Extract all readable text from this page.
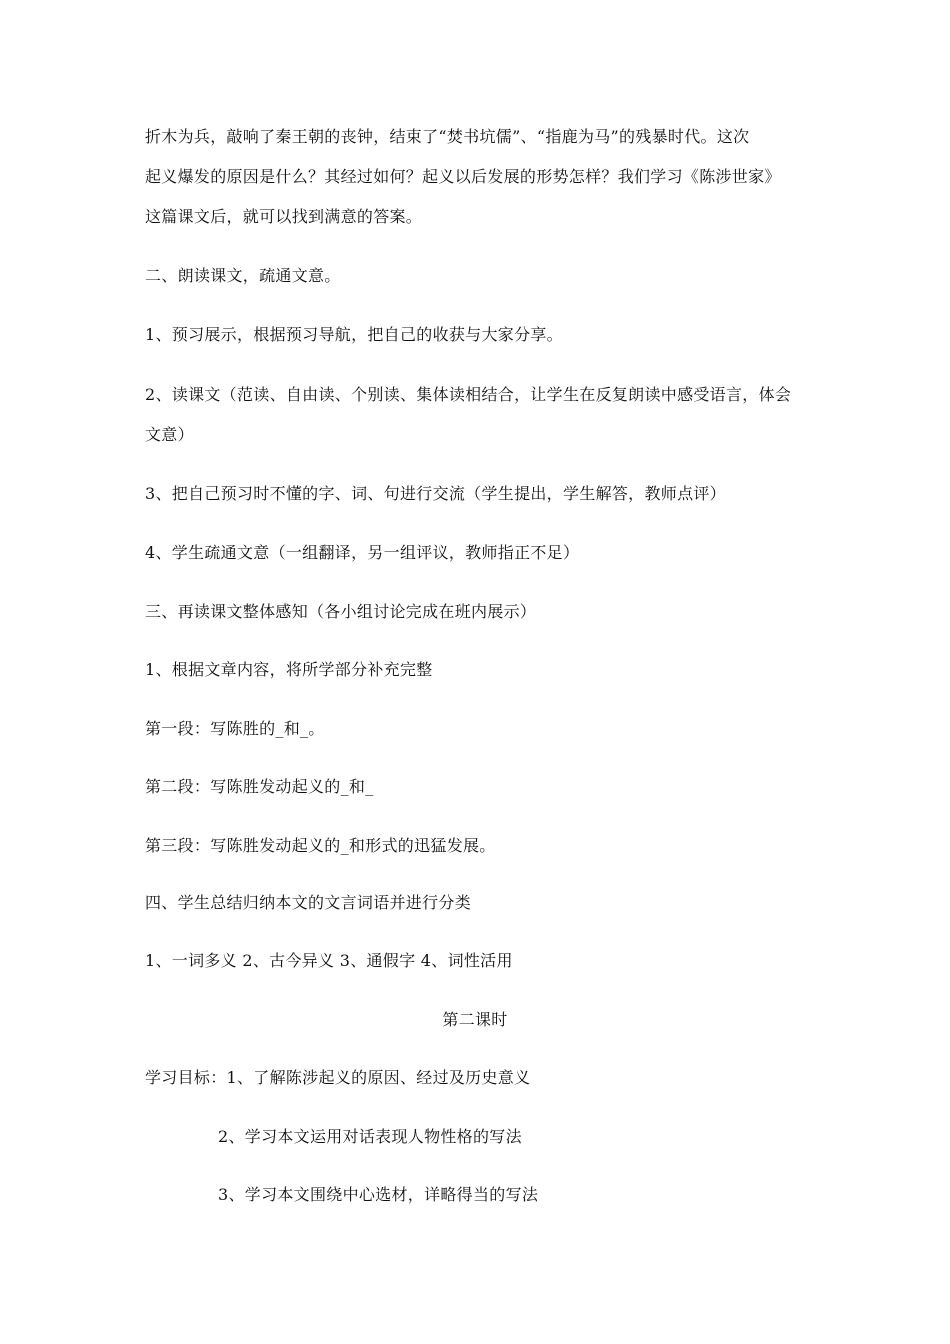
折木为兵，敲响了秦王朝的丧钟，结束了“焚书坑儒”、“指鹿为马”的残暴时代。这次
起义爆发的原因是什么？其经过如何？起义以后发展的形势怎样？我们学习《陈涉世家》
这篇课文后，就可以找到满意的答案。
二、朗读课文，疏通文意。
1、预习展示，根据预习导航，把自己的收获与大家分享。
2、读课文（范读、自由读、个别读、集体读相结合，让学生在反复朗读中感受语言，体会
文意）
3、把自己预习时不懂的字、词、句进行交流（学生提出，学生解答，教师点评）
4、学生疏通文意（一组翻译，另一组评议，教师指正不足）
三、再读课文整体感知（各小组讨论完成在班内展示）
1、根据文章内容，将所学部分补充完整
第一段：写陈胜的_和_。
第二段：写陈胜发动起义的_和_
第三段：写陈胜发动起义的_和形式的迅猛发展。
四、学生总结归纳本文的文言词语并进行分类
1、一词多义 2、古今异义 3、通假字 4、词性活用
第二课时
学习目标：1、了解陈涉起义的原因、经过及历史意义
2、学习本文运用对话表现人物性格的写法
3、学习本文围绕中心选材，详略得当的写法
